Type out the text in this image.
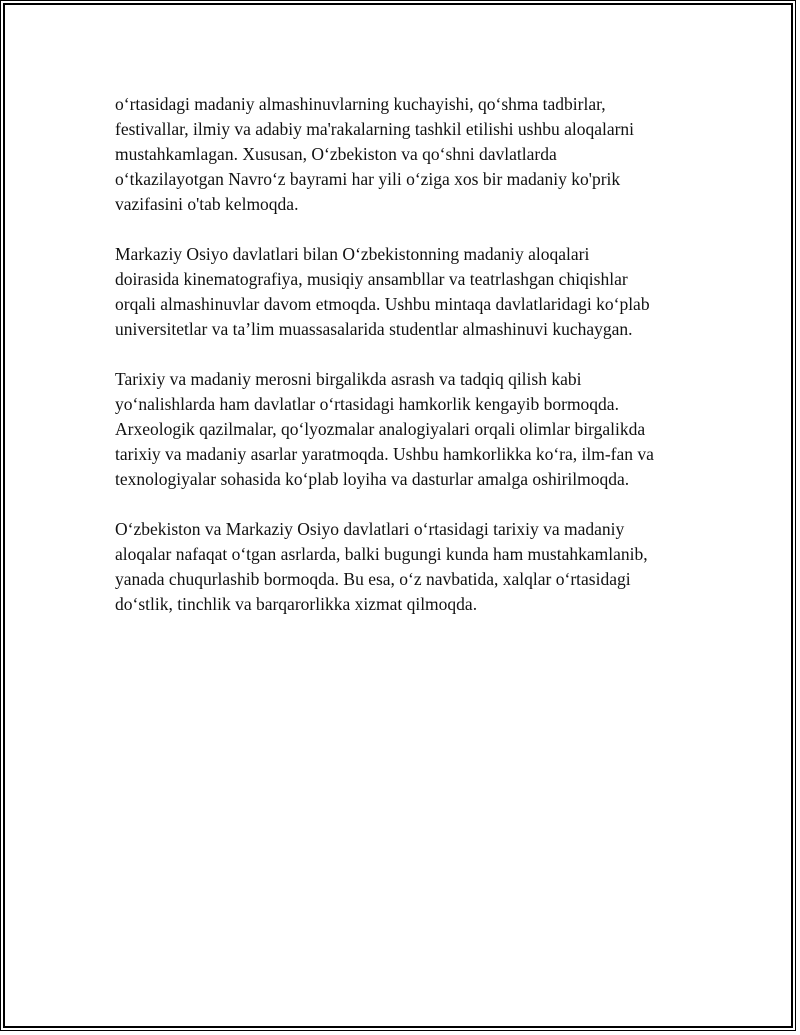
o‘rtasidagi madaniy almashinuvlarning kuchayishi, qo‘shma tadbirlar,
festivallar, ilmiy va adabiy ma'rakalarning tashkil etilishi ushbu aloqalarni
mustahkamlagan. Xususan, O‘zbekiston va qo‘shni davlatlarda
o‘tkazilayotgan Navro‘z bayrami har yili o‘ziga xos bir madaniy ko'prik
vazifasini o'tab kelmoqda.

Markaziy Osiyo davlatlari bilan O‘zbekistonning madaniy aloqalari
doirasida kinematografiya, musiqiy ansambllar va teatrlashgan chiqishlar
orqali almashinuvlar davom etmoqda. Ushbu mintaqa davlatlaridagi ko‘plab
universitetlar va ta’lim muassasalarida studentlar almashinuvi kuchaygan.

Tarixiy va madaniy merosni birgalikda asrash va tadqiq qilish kabi
yo‘nalishlarda ham davlatlar o‘rtasidagi hamkorlik kengayib bormoqda.
Arxeologik qazilmalar, qo‘lyozmalar analogiyalari orqali olimlar birgalikda
tarixiy va madaniy asarlar yaratmoqda. Ushbu hamkorlikka ko‘ra, ilm-fan va
texnologiyalar sohasida ko‘plab loyiha va dasturlar amalga oshirilmoqda.

O‘zbekiston va Markaziy Osiyo davlatlari o‘rtasidagi tarixiy va madaniy
aloqalar nafaqat o‘tgan asrlarda, balki bugungi kunda ham mustahkamlanib,
yanada chuqurlashib bormoqda. Bu esa, o‘z navbatida, xalqlar o‘rtasidagi
do‘stlik, tinchlik va barqarorlikka xizmat qilmoqda.
